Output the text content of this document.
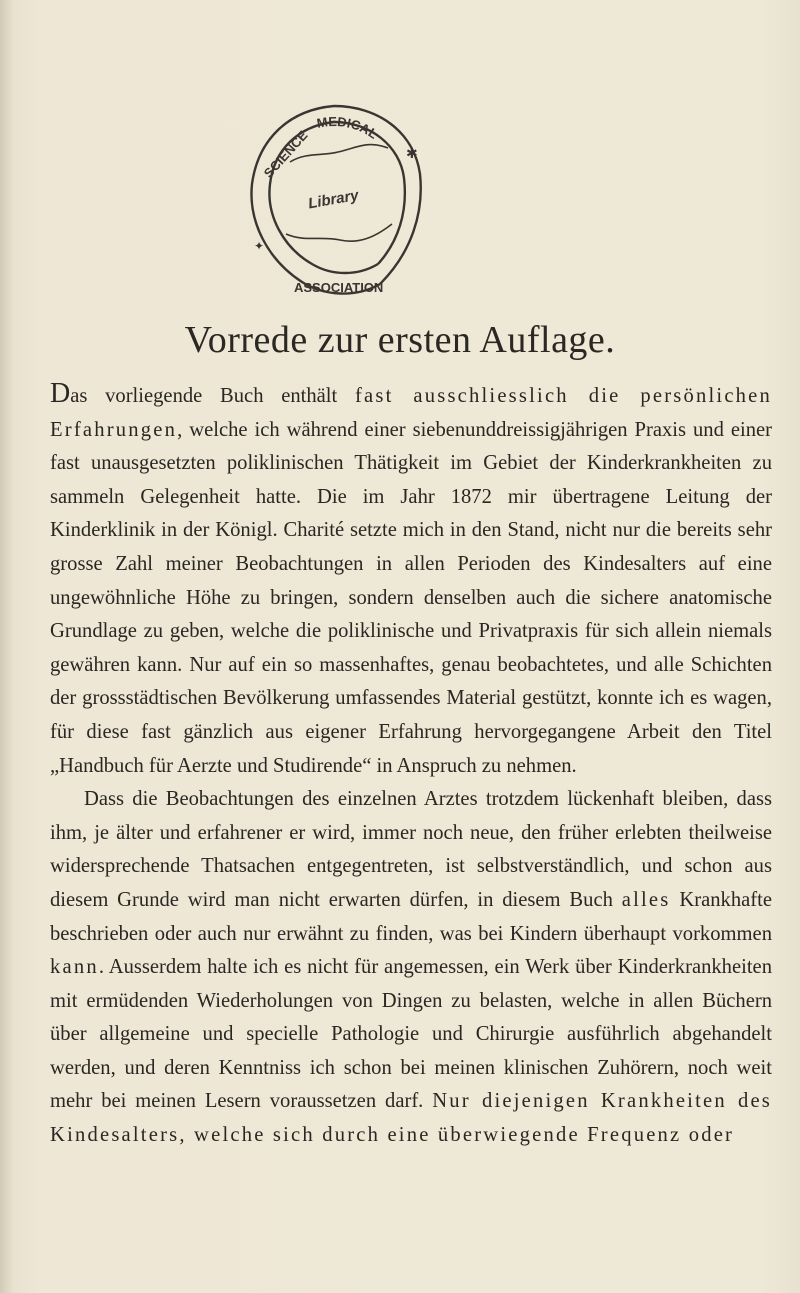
MEDICAL
SCIENCE
ASSOCIATION
Library
✱
✦
Vorrede zur ersten Auflage.

Das vorliegende Buch enthält fast ausschliesslich die persönlichen Erfahrungen, welche ich während einer siebenunddreissigjährigen Praxis und einer fast unausgesetzten poliklinischen Thätigkeit im Gebiet der Kinderkrankheiten zu sammeln Gelegenheit hatte. Die im Jahr 1872 mir übertragene Leitung der Kinderklinik in der Königl. Charité setzte mich in den Stand, nicht nur die bereits sehr grosse Zahl meiner Beobachtungen in allen Perioden des Kindesalters auf eine ungewöhnliche Höhe zu bringen, sondern denselben auch die sichere anatomische Grundlage zu geben, welche die poliklinische und Privatpraxis für sich allein niemals gewähren kann. Nur auf ein so massenhaftes, genau beobachtetes, und alle Schichten der grossstädtischen Bevölkerung umfassendes Material gestützt, konnte ich es wagen, für diese fast gänzlich aus eigener Erfahrung hervorgegangene Arbeit den Titel „Handbuch für Aerzte und Studirende“ in Anspruch zu nehmen.

Dass die Beobachtungen des einzelnen Arztes trotzdem lückenhaft bleiben, dass ihm, je älter und erfahrener er wird, immer noch neue, den früher erlebten theilweise widersprechende Thatsachen entgegentreten, ist selbstverständlich, und schon aus diesem Grunde wird man nicht erwarten dürfen, in diesem Buch alles Krankhafte beschrieben oder auch nur erwähnt zu finden, was bei Kindern überhaupt vorkommen kann. Ausserdem halte ich es nicht für angemessen, ein Werk über Kinderkrankheiten mit ermüdenden Wiederholungen von Dingen zu belasten, welche in allen Büchern über allgemeine und specielle Pathologie und Chirurgie ausführlich abgehandelt werden, und deren Kenntniss ich schon bei meinen klinischen Zuhörern, noch weit mehr bei meinen Lesern voraussetzen darf. Nur diejenigen Krankheiten des Kindesalters, welche sich durch eine überwiegende Frequenz oder
